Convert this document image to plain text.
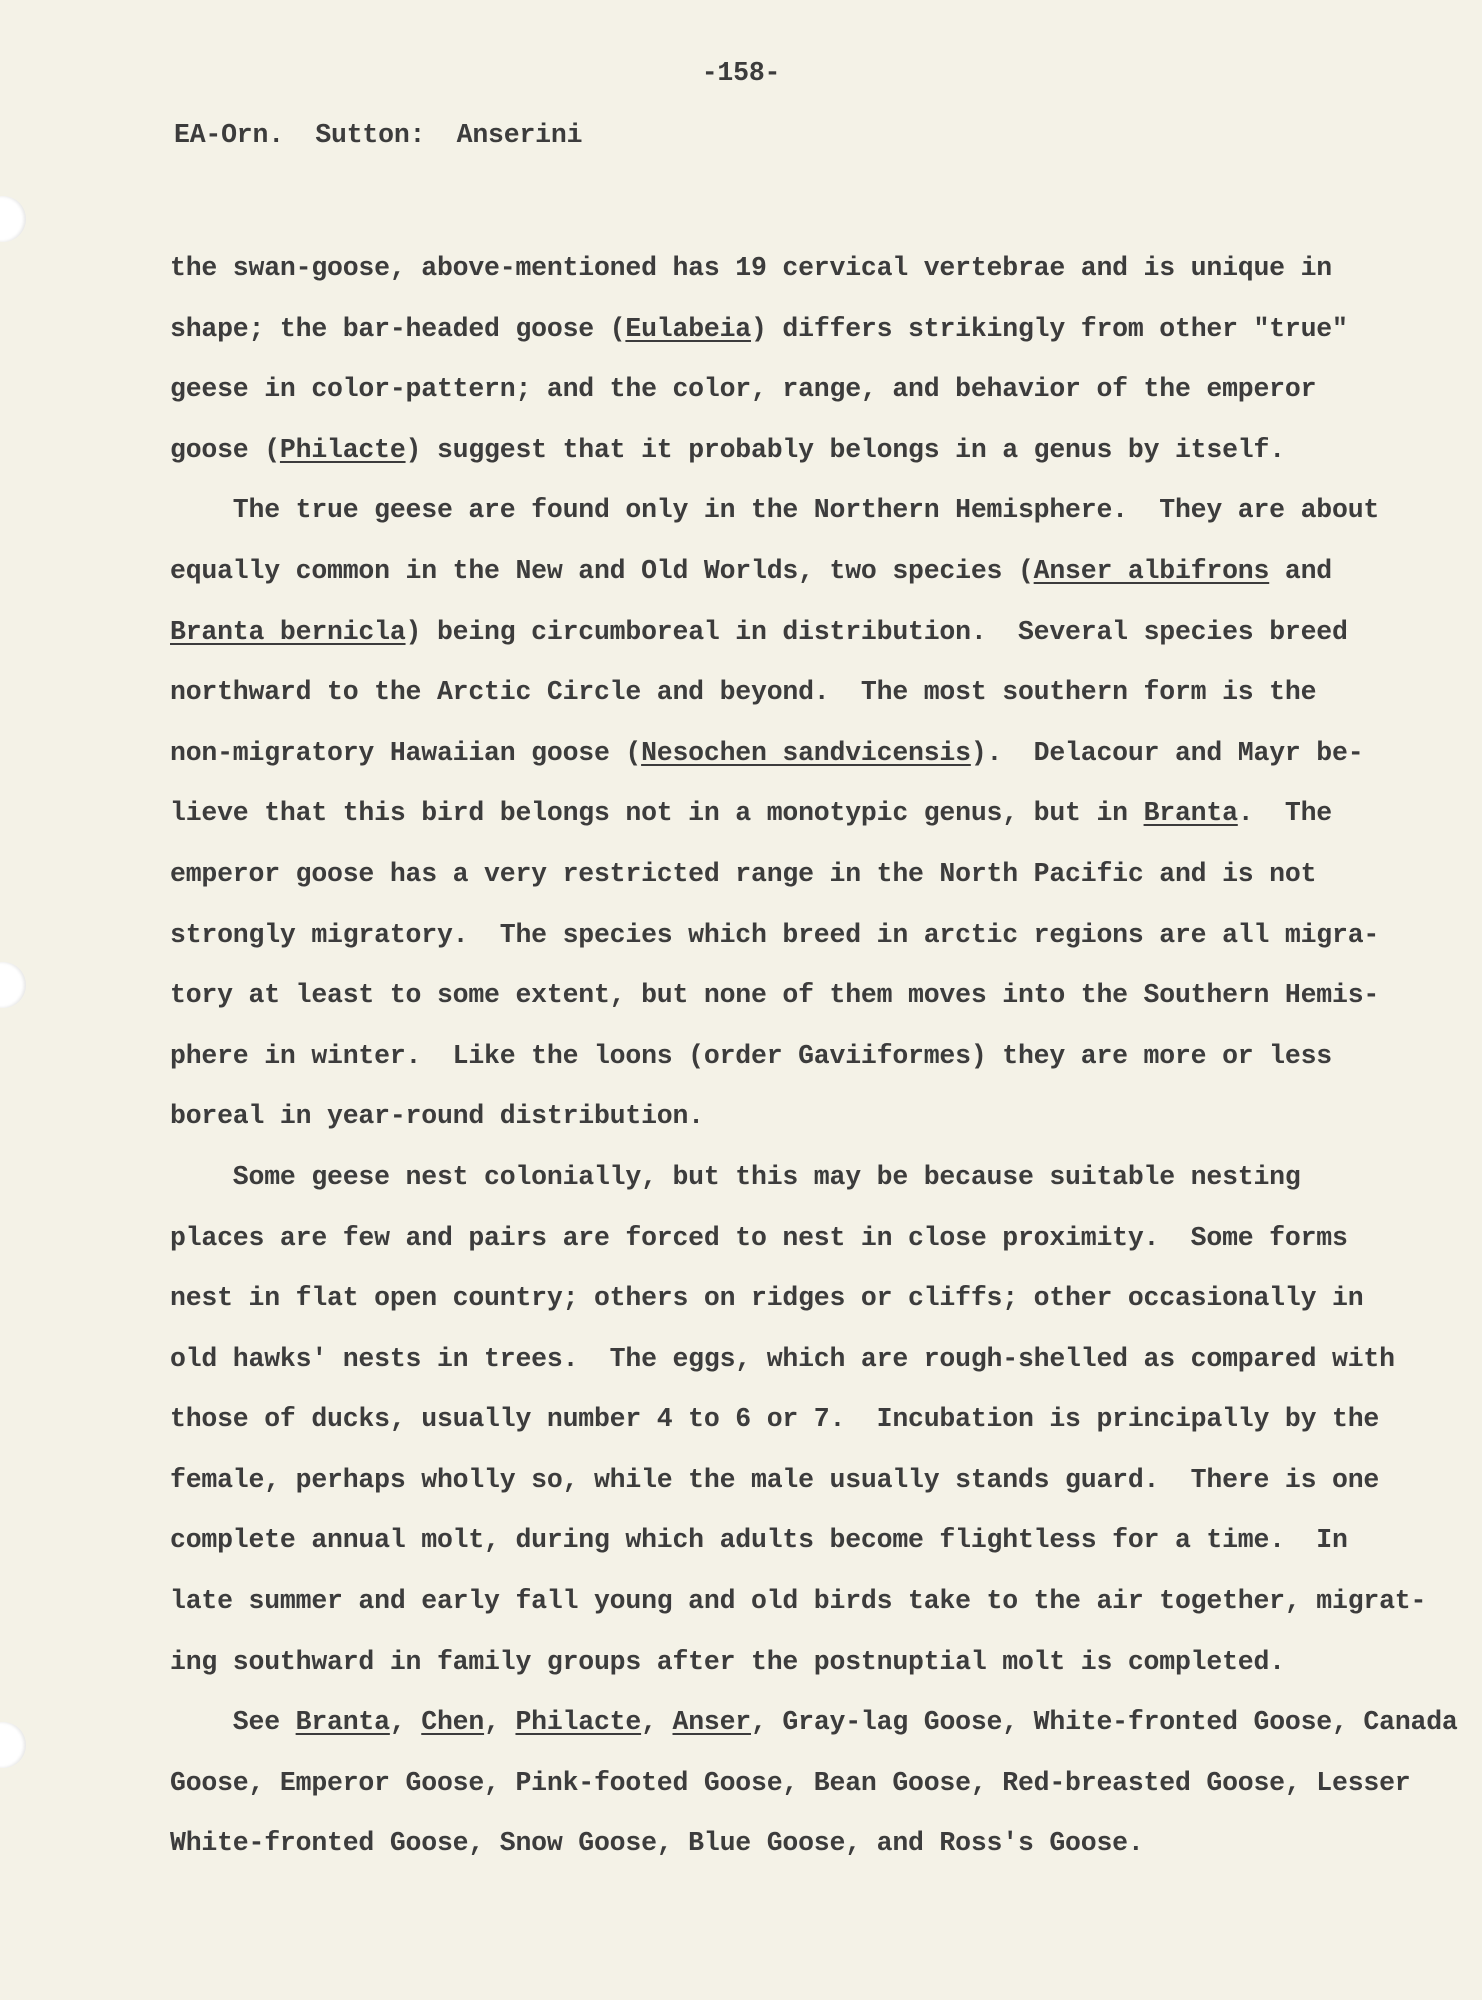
-158-
EA-Orn.  Sutton:  Anserini
the swan-goose, above-mentioned has 19 cervical vertebrae and is unique in
shape; the bar-headed goose (Eulabeia) differs strikingly from other "true"
geese in color-pattern; and the color, range, and behavior of the emperor
goose (Philacte) suggest that it probably belongs in a genus by itself.
The true geese are found only in the Northern Hemisphere.  They are about
equally common in the New and Old Worlds, two species (Anser albifrons and
Branta bernicla) being circumboreal in distribution.  Several species breed
northward to the Arctic Circle and beyond.  The most southern form is the
non-migratory Hawaiian goose (Nesochen sandvicensis).  Delacour and Mayr be-
lieve that this bird belongs not in a monotypic genus, but in Branta.  The
emperor goose has a very restricted range in the North Pacific and is not
strongly migratory.  The species which breed in arctic regions are all migra-
tory at least to some extent, but none of them moves into the Southern Hemis-
phere in winter.  Like the loons (order Gaviiformes) they are more or less
boreal in year-round distribution.
Some geese nest colonially, but this may be because suitable nesting
places are few and pairs are forced to nest in close proximity.  Some forms
nest in flat open country; others on ridges or cliffs; other occasionally in
old hawks' nests in trees.  The eggs, which are rough-shelled as compared with
those of ducks, usually number 4 to 6 or 7.  Incubation is principally by the
female, perhaps wholly so, while the male usually stands guard.  There is one
complete annual molt, during which adults become flightless for a time.  In
late summer and early fall young and old birds take to the air together, migrat-
ing southward in family groups after the postnuptial molt is completed.
See Branta, Chen, Philacte, Anser, Gray-lag Goose, White-fronted Goose, Canada
Goose, Emperor Goose, Pink-footed Goose, Bean Goose, Red-breasted Goose, Lesser
White-fronted Goose, Snow Goose, Blue Goose, and Ross's Goose.
